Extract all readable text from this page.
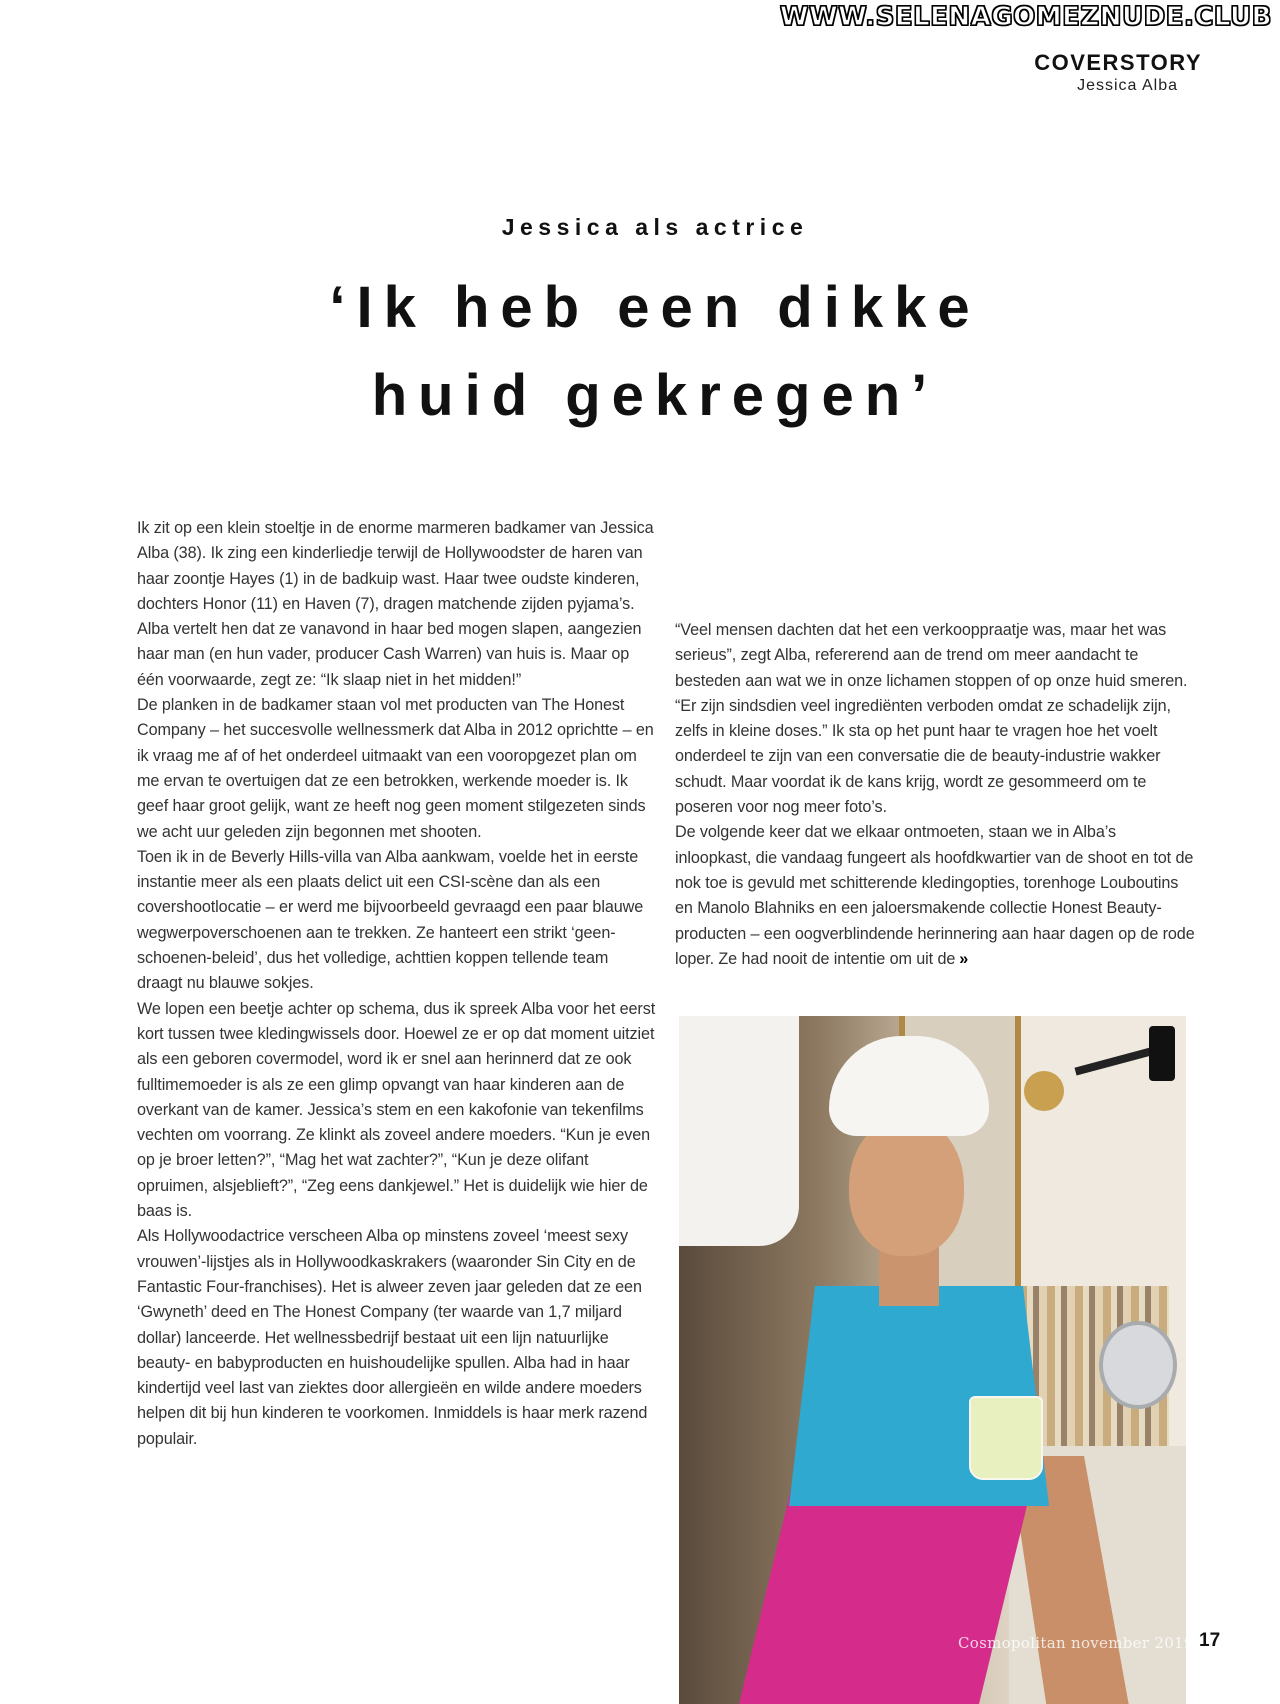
WWW.SELENAGOMEZNUDE.CLUB
COVERSTORY
Jessica Alba
Jessica als actrice
‘Ik heb een dikke
huid gekregen’

Ik zit op een klein stoeltje in de enorme marmeren badkamer van Jessica Alba (38). Ik zing een kinderliedje terwijl de Hollywoodster de haren van haar zoontje Hayes (1) in de badkuip wast. Haar twee oudste kinderen, dochters Honor (11) en Haven (7), dragen matchende zijden pyjama’s. Alba vertelt hen dat ze vanavond in haar bed mogen slapen, aangezien haar man (en hun vader, producer Cash Warren) van huis is. Maar op één voorwaarde, zegt ze: “Ik slaap niet in het midden!”

De planken in de badkamer staan vol met producten van The Honest Company – het succesvolle wellnessmerk dat Alba in 2012 oprichtte – en ik vraag me af of het onderdeel uitmaakt van een vooropgezet plan om me ervan te overtuigen dat ze een betrokken, werkende moeder is. Ik geef haar groot gelijk, want ze heeft nog geen moment stilgezeten sinds we acht uur geleden zijn begonnen met shooten.

Toen ik in de Beverly Hills-villa van Alba aankwam, voelde het in eerste instantie meer als een plaats delict uit een CSI-scène dan als een covershootlocatie – er werd me bijvoorbeeld gevraagd een paar blauwe wegwerpoverschoenen aan te trekken. Ze hanteert een strikt ‘geen-schoenen-beleid’, dus het volledige, achttien koppen tellende team draagt nu blauwe sokjes.

We lopen een beetje achter op schema, dus ik spreek Alba voor het eerst kort tussen twee kledingwissels door. Hoewel ze er op dat moment uitziet als een geboren covermodel, word ik er snel aan herinnerd dat ze ook fulltimemoeder is als ze een glimp opvangt van haar kinderen aan de overkant van de kamer. Jessica’s stem en een kakofonie van tekenfilms vechten om voorrang. Ze klinkt als zoveel andere moeders. “Kun je even op je broer letten?”, “Mag het wat zachter?”, “Kun je deze olifant opruimen, alsjeblieft?”, “Zeg eens dankjewel.” Het is duidelijk wie hier de baas is.

Als Hollywoodactrice verscheen Alba op minstens zoveel ‘meest sexy vrouwen’-lijstjes als in Hollywoodkaskrakers (waaronder Sin City en de Fantastic Four-franchises). Het is alweer zeven jaar geleden dat ze een ‘Gwyneth’ deed en The Honest Company (ter waarde van 1,7 miljard dollar) lanceerde. Het wellnessbedrijf bestaat uit een lijn natuurlijke beauty- en babyproducten en huishoudelijke spullen. Alba had in haar kindertijd veel last van ziektes door allergieën en wilde andere moeders helpen dit bij hun kinderen te voorkomen. Inmiddels is haar merk razend populair.

“Veel mensen dachten dat het een verkooppraatje was, maar het was serieus”, zegt Alba, refererend aan de trend om meer aandacht te besteden aan wat we in onze lichamen stoppen of op onze huid smeren. “Er zijn sindsdien veel ingrediënten verboden omdat ze schadelijk zijn, zelfs in kleine doses.” Ik sta op het punt haar te vragen hoe het voelt onderdeel te zijn van een conversatie die de beauty-industrie wakker schudt. Maar voordat ik de kans krijg, wordt ze gesommeerd om te poseren voor nog meer foto’s.

De volgende keer dat we elkaar ontmoeten, staan we in Alba’s inloopkast, die vandaag fungeert als hoofdkwartier van de shoot en tot de nok toe is gevuld met schitterende kledingopties, torenhoge Louboutins en Manolo Blahniks en een jaloersmakende collectie Honest Beauty-producten – een oogverblindende herinnering aan haar dagen op de rode loper. Ze had nooit de intentie om uit de »

Cosmopolitan november 2019 17
